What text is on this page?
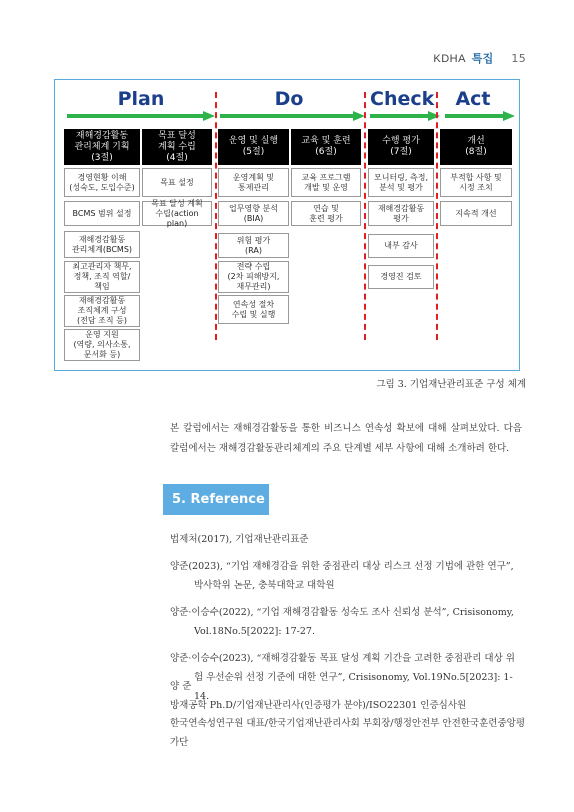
KDHA 특집 15
Plan	Do	Check	Act
재해경감활동
관리체계 기획
(3절)
목표 달성
계획 수립
(4절)
운영 및 실행
(5절)
교육 및 훈련
(6절)
수행 평가
(7절)
개선
(8절)
경영현황 이해
(성숙도, 도입수준)
BCMS 범위 설정
재해경감활동
관리체계(BCMS)
최고관리자 책무,
정책, 조직 역할/
책임
재해경감활동
조직체계 구성
(전담 조직 등)
운영 지원
(역량, 의사소통,
문서화 등)
목표 설정
목표 달성 계획
수립(action plan)
운영계획 및
통제관리
업무영향 분석
(BIA)
위험 평가
(RA)
전략 수립
(2차 피해방지,
재무관리)
연속성 절차
수립 및 실행
교육 프로그램
개발 및 운영
연습 및
훈련 평가
모니터링, 측정,
분석 및 평가
재해경감활동
평가
내부 감사
경영진 검토
부적합 사항 및
시정 조치
지속적 개선
그림 3. 기업재난관리표준 구성 체계

본 칼럼에서는 재해경감활동을 통한 비즈니스 연속성 확보에 대해 살펴보았다. 다음 칼럼에서는 재해경감활동관리체계의 주요 단계별 세부 사항에 대해 소개하려 한다.

5. Reference

법제처(2017), 기업재난관리표준

양준(2023), “기업 재해경감을 위한 중점관리 대상 리스크 선정 기법에 관한 연구”, 박사학위 논문, 충북대학교 대학원

양준·이승수(2022), “기업 재해경감활동 성숙도 조사 신뢰성 분석”, Crisisonomy, Vol.18No.5[2022]: 17-27.

양준·이승수(2023), “재해경감활동 목표 달성 계획 기간을 고려한 중점관리 대상 위험 우선순위 선정 기준에 대한 연구”, Crisisonomy, Vol.19No.5[2023]: 1-14.

양 준
방재공학 Ph.D/기업재난관리사(인증평가 분야)/ISO22301 인증심사원
한국연속성연구원 대표/한국기업재난관리사회 부회장/행정안전부 안전한국훈련중앙평가단
